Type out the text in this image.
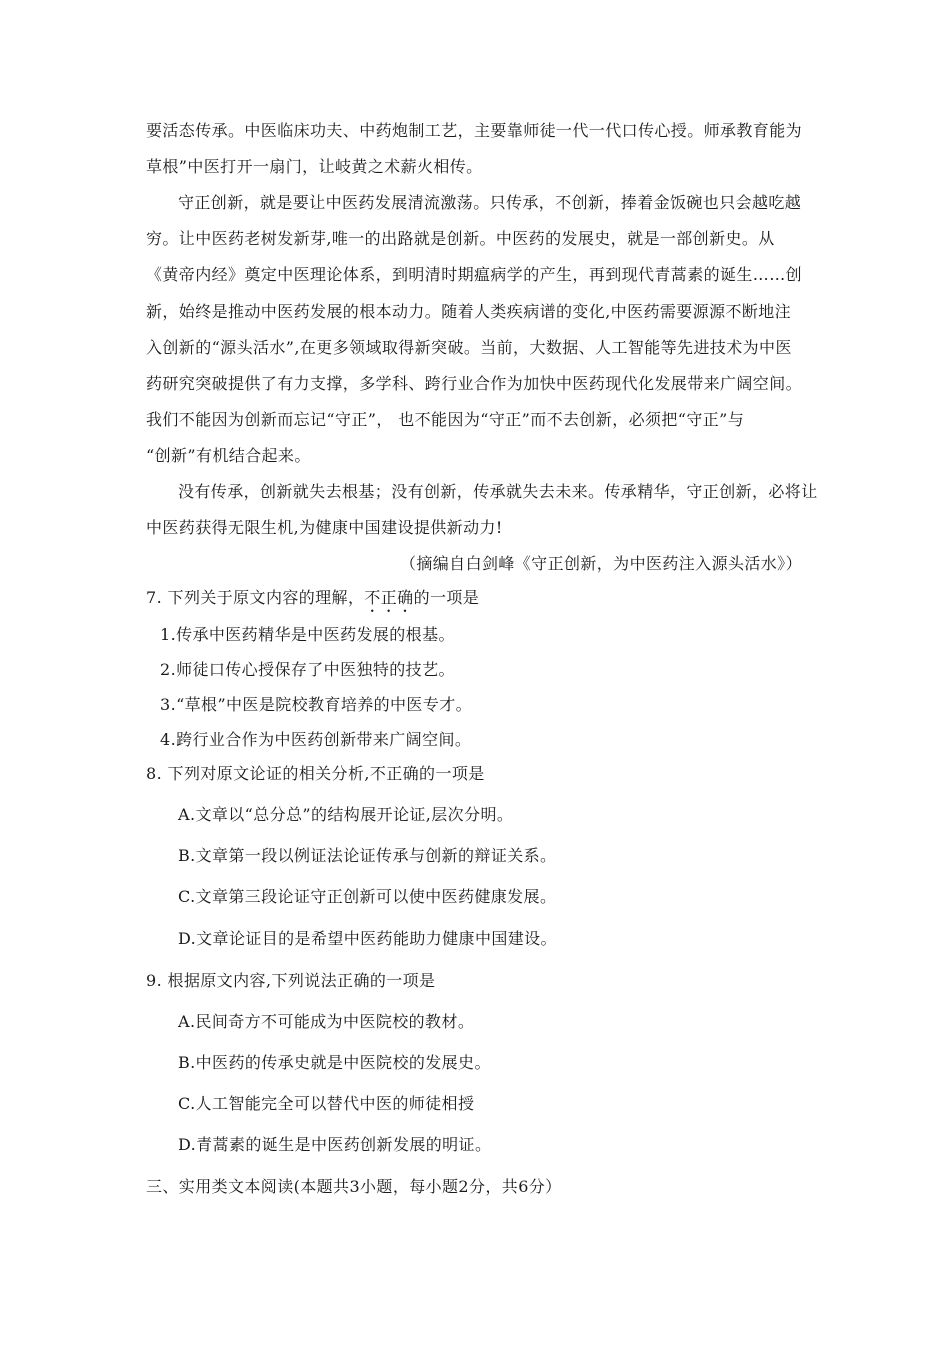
要活态传承。中医临床功夫、中药炮制工艺，主要靠师徒一代一代口传心授。师承教育能为
草根”中医打开一扇门，让岐黄之术薪火相传。
守正创新，就是要让中医药发展清流激荡。只传承，不创新，捧着金饭碗也只会越吃越
穷。让中医药老树发新芽,唯一的出路就是创新。中医药的发展史，就是一部创新史。从
《黄帝内经》奠定中医理论体系，到明清时期瘟病学的产生，再到现代青蒿素的诞生……创
新，始终是推动中医药发展的根本动力。随着人类疾病谱的变化,中医药需要源源不断地注
入创新的“源头活水”,在更多领域取得新突破。当前，大数据、人工智能等先进技术为中医
药研究突破提供了有力支撑，多学科、跨行业合作为加快中医药现代化发展带来广阔空间。
我们不能因为创新而忘记“守正”， 也不能因为“守正”而不去创新，必须把“守正”与
“创新”有机结合起来。
没有传承，创新就失去根基；没有创新，传承就失去未来。传承精华，守正创新，必将让
中医药获得无限生机,为健康中国建设提供新动力!
（摘编自白剑峰《守正创新，为中医药注入源头活水》）
7. 下列关于原文内容的理解，不正确的一项是
1.传承中医药精华是中医药发展的根基。
2.师徒口传心授保存了中医独特的技艺。
3.“草根”中医是院校教育培养的中医专才。
4.跨行业合作为中医药创新带来广阔空间。
8. 下列对原文论证的相关分析,不正确的一项是
A.文章以“总分总”的结构展开论证,层次分明。
B.文章第一段以例证法论证传承与创新的辩证关系。
C.文章第三段论证守正创新可以使中医药健康发展。
D.文章论证目的是希望中医药能助力健康中国建设。
9. 根据原文内容,下列说法正确的一项是
A.民间奇方不可能成为中医院校的教材。
B.中医药的传承史就是中医院校的发展史。
C.人工智能完全可以替代中医的师徒相授
D.青蒿素的诞生是中医药创新发展的明证。
三、实用类文本阅读(本题共3小题，每小题2分，共6分）
